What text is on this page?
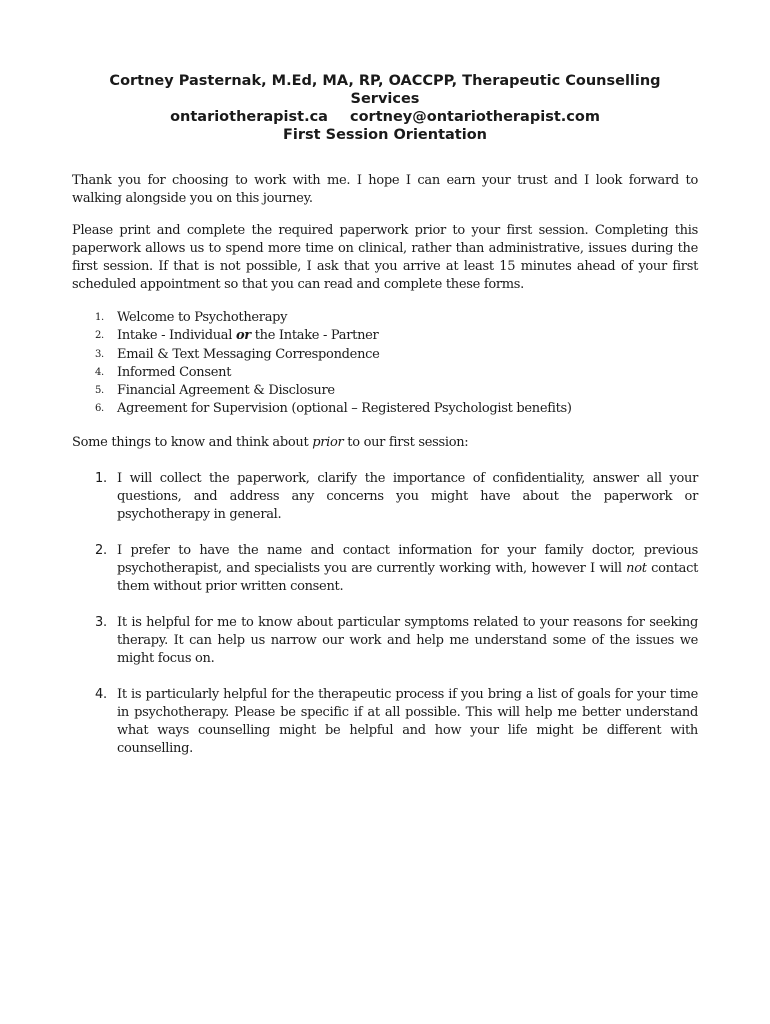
Cortney Pasternak, M.Ed, MA, RP, OACCPP, Therapeutic Counselling
Services
ontariotherapist.ca cortney@ontariotherapist.com
First Session Orientation

Thank you for choosing to work with me. I hope I can earn your trust and I look forward to walking alongside you on this journey.

Please print and complete the required paperwork prior to your first session. Completing this paperwork allows us to spend more time on clinical, rather than administrative, issues during the first session. If that is not possible, I ask that you arrive at least 15 minutes ahead of your first scheduled appointment so that you can read and complete these forms.

1.	Welcome to Psychotherapy
2.	Intake - Individual or the Intake - Partner
3.	Email & Text Messaging Correspondence
4.	Informed Consent
5.	Financial Agreement & Disclosure
6.	Agreement for Supervision (optional – Registered Psychologist benefits)

Some things to know and think about prior to our first session:

1. I will collect the paperwork, clarify the importance of confidentiality, answer all your questions, and address any concerns you might have about the paperwork or psychotherapy in general.
2. I prefer to have the name and contact information for your family doctor, previous psychotherapist, and specialists you are currently working with, however I will not contact them without prior written consent.
3. It is helpful for me to know about particular symptoms related to your reasons for seeking therapy. It can help us narrow our work and help me understand some of the issues we might focus on.
4. It is particularly helpful for the therapeutic process if you bring a list of goals for your time in psychotherapy. Please be specific if at all possible. This will help me better understand what ways counselling might be helpful and how your life might be different with counselling.
